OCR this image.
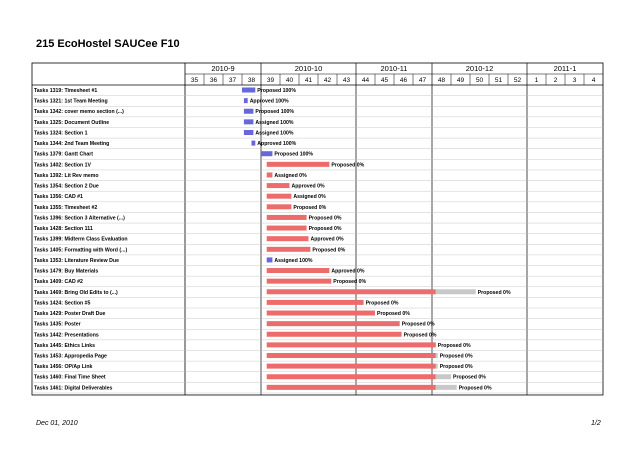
215 EcoHostel SAUCee F10
2010-9
35 36 37 38
2010-10
39 40 41 42 43
2010-11
44 45 46 47
2010-12
48 49 50 51 52
2011-1
1 2 3 4
Tasks 1319: Timesheet #1	Proposed 100%
Tasks 1321: 1st Team Meeting	Approved 100%
Tasks 1342: cover memo section (...)	Proposed 100%
Tasks 1325: Document Outline	Assigned 100%
Tasks 1324: Section 1	Assigned 100%
Tasks 1344: 2nd Team Meeting	Approved 100%
Tasks 1379: Gantt Chart	Proposed 100%
Tasks 1402: Section 1V	Proposed 0%
Tasks 1392: Lit Rev memo	Assigned 0%
Tasks 1354: Section 2 Due	Approved 0%
Tasks 1356: CAD #1	Assigned 0%
Tasks 1355: Timesheet #2	Proposed 0%
Tasks 1396: Section 3 Alternative (...)	Proposed 0%
Tasks 1428: Section 111	Proposed 0%
Tasks 1399: Midterm Class Evaluation	Approved 0%
Tasks 1405: Formatting with Word (...)	Proposed 0%
Tasks 1353: Literature Review Due	Assigned 100%
Tasks 1479: Buy Materials	Approved 0%
Tasks 1409: CAD #2	Proposed 0%
Tasks 1469: Bring Old Edits to (...)	Proposed 0%
Tasks 1424: Section #5	Proposed 0%
Tasks 1429: Poster Draft Due	Proposed 0%
Tasks 1435: Poster	Proposed 0%
Tasks 1442: Presentations	Proposed 0%
Tasks 1445: Ethics Links	Proposed 0%
Tasks 1453: Appropedia Page	Proposed 0%
Tasks 1456: OP/Ap Link	Proposed 0%
Tasks 1460: Final Time Sheet	Proposed 0%
Tasks 1461: Digital Deliverables	Proposed 0%
Dec 01, 2010	1/2
